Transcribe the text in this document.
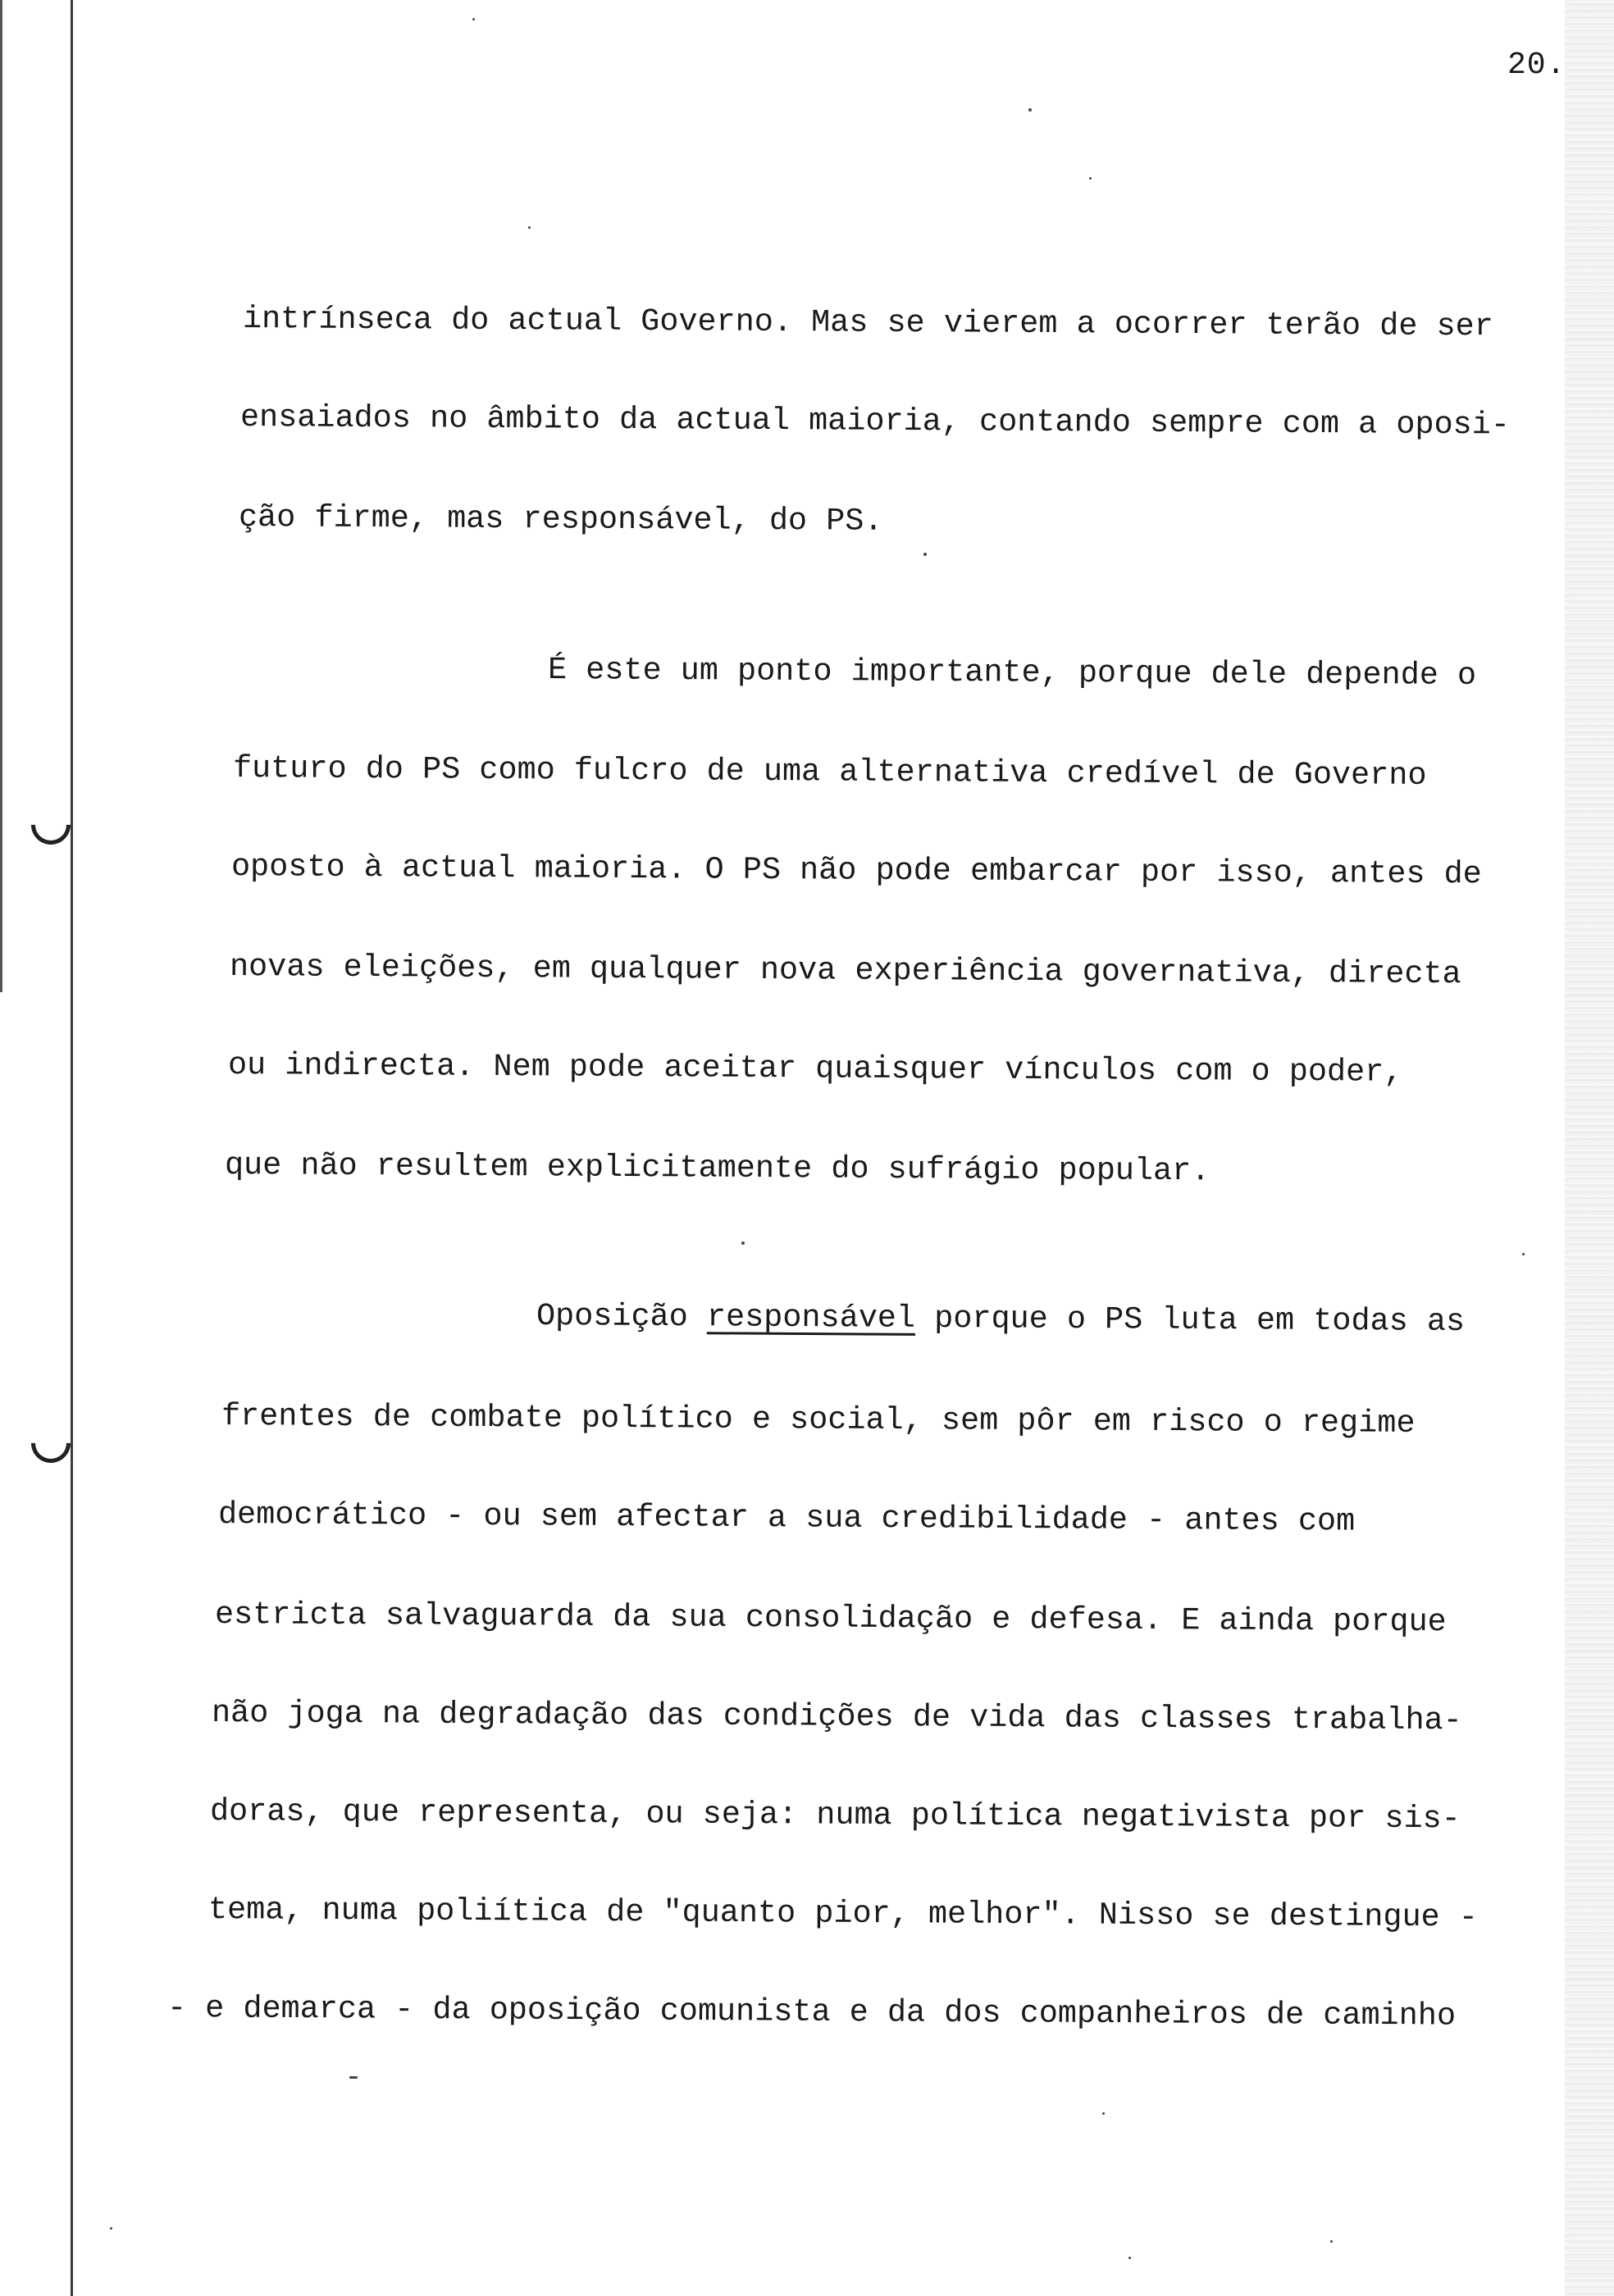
20.
intrínseca do actual Governo. Mas se vierem a ocorrer terão de ser
ensaiados no âmbito da actual maioria, contando sempre com a oposi-
ção firme, mas responsável, do PS.
É este um ponto importante, porque dele depende o
futuro do PS como fulcro de uma alternativa credível de Governo
oposto à actual maioria. O PS não pode embarcar por isso, antes de
novas eleições, em qualquer nova experiência governativa, directa
ou indirecta. Nem pode aceitar quaisquer vínculos com o poder,
que não resultem explicitamente do sufrágio popular.
Oposição responsável porque o PS luta em todas as
frentes de combate político e social, sem pôr em risco o regime
democrático - ou sem afectar a sua credibilidade - antes com
estricta salvaguarda da sua consolidação e defesa. E ainda porque
não joga na degradação das condições de vida das classes trabalha-
doras, que representa, ou seja: numa política negativista por sis-
tema, numa poliítica de "quanto pior, melhor". Nisso se destingue -
- e demarca - da oposição comunista e da dos companheiros de caminho
